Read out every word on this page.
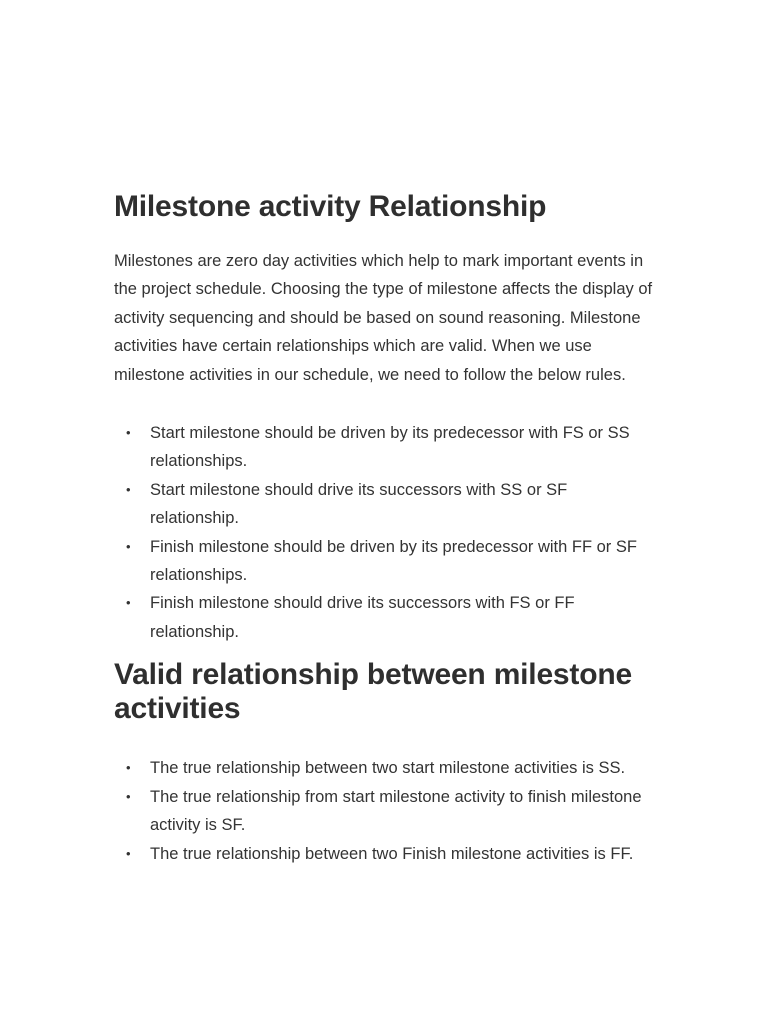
Milestone activity Relationship

Milestones are zero day activities which help to mark important events in the project schedule. Choosing the type of milestone affects the display of activity sequencing and should be based on sound reasoning. Milestone activities have certain relationships which are valid. When we use milestone activities in our schedule, we need to follow the below rules.

• Start milestone should be driven by its predecessor with FS or SS relationships.
• Start milestone should drive its successors with SS or SF relationship.
• Finish milestone should be driven by its predecessor with FF or SF relationships.
• Finish milestone should drive its successors with FS or FF relationship.
Valid relationship between milestone activities
• The true relationship between two start milestone activities is SS.
• The true relationship from start milestone activity to finish milestone activity is SF.
• The true relationship between two Finish milestone activities is FF.
